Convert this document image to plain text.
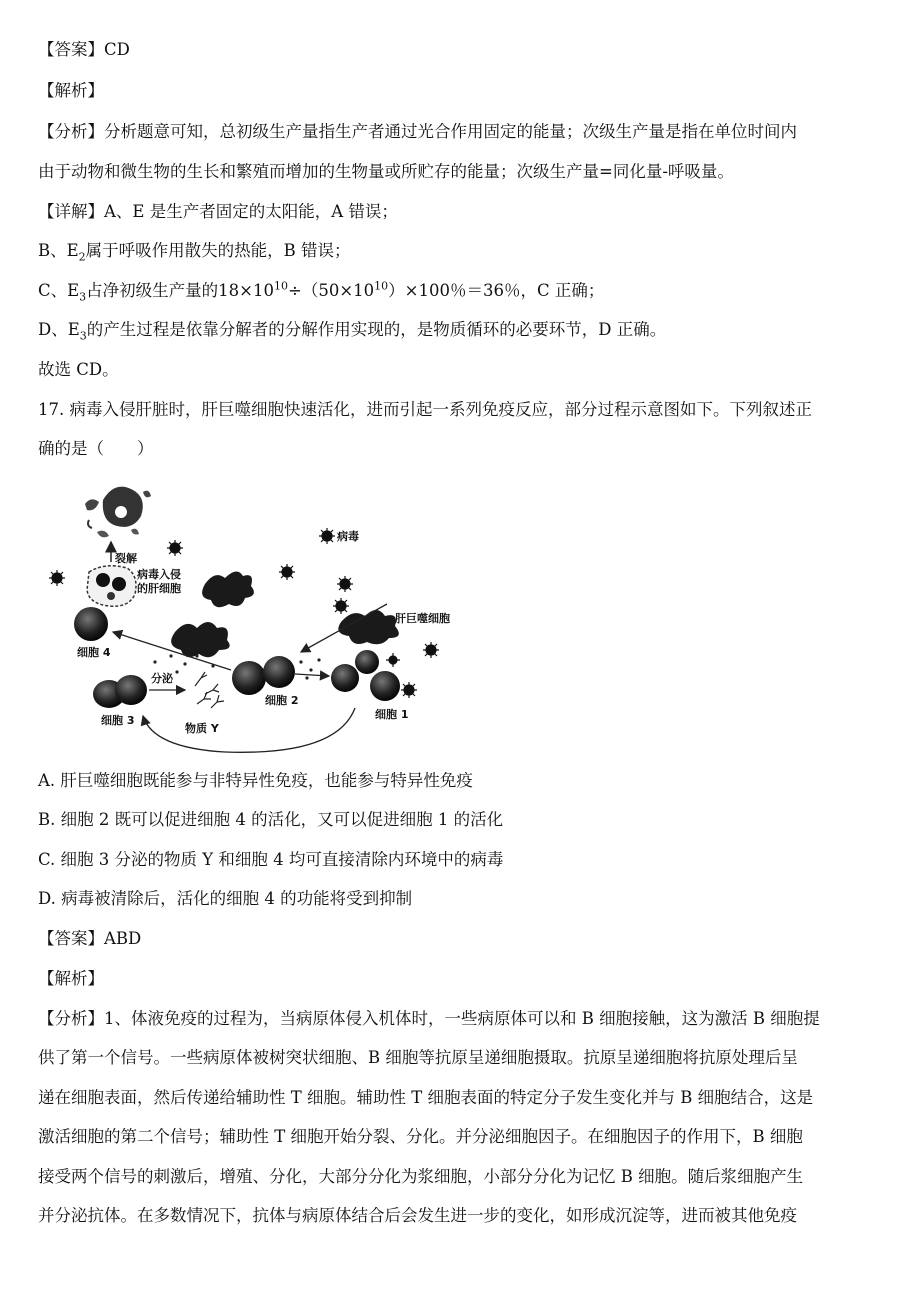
【答案】CD
【解析】
【分析】分析题意可知，总初级生产量指生产者通过光合作用固定的能量；次级生产量是指在单位时间内
由于动物和微生物的生长和繁殖而增加的生物量或所贮存的能量；次级生产量=同化量-呼吸量。
【详解】A、E 是生产者固定的太阳能，A 错误；
B、$E_2$属于呼吸作用散失的热能，B 错误；
C、$E_3$占净初级生产量的$18\times 10^{10}\div(50\times 10^{10})\times 100$％＝36％，C 正确；
D、$E_3$的产生过程是依靠分解者的分解作用实现的，是物质循环的必要环节，D 正确。
故选 CD。
17. 病毒入侵肝脏时，肝巨噬细胞快速活化，进而引起一系列免疫反应，部分过程示意图如下。下列叙述正
确的是（　　）
裂解
病毒入侵
的肝细胞
病毒
肝巨噬细胞
细胞 4
细胞 3
分泌
物质 Y
细胞 2
细胞 1
A. 肝巨噬细胞既能参与非特异性免疫，也能参与特异性免疫
B. 细胞 2 既可以促进细胞 4 的活化，又可以促进细胞 1 的活化
C. 细胞 3 分泌的物质 Y 和细胞 4 均可直接清除内环境中的病毒
D. 病毒被清除后，活化的细胞 4 的功能将受到抑制
【答案】ABD
【解析】
【分析】1、体液免疫的过程为，当病原体侵入机体时，一些病原体可以和 B 细胞接触，这为激活 B 细胞提
供了第一个信号。一些病原体被树突状细胞、B 细胞等抗原呈递细胞摄取。抗原呈递细胞将抗原处理后呈
递在细胞表面，然后传递给辅助性 T 细胞。辅助性 T 细胞表面的特定分子发生变化并与 B 细胞结合，这是
激活细胞的第二个信号；辅助性 T 细胞开始分裂、分化。并分泌细胞因子。在细胞因子的作用下，B 细胞
接受两个信号的刺激后，增殖、分化，大部分分化为浆细胞，小部分分化为记忆 B 细胞。随后浆细胞产生
并分泌抗体。在多数情况下，抗体与病原体结合后会发生进一步的变化，如形成沉淀等，进而被其他免疫
